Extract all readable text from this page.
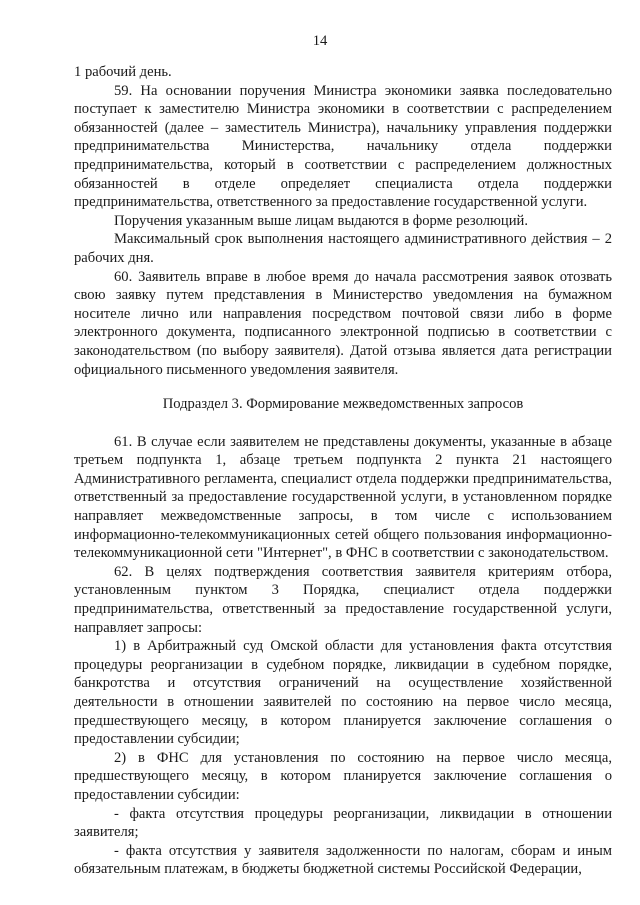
14

1 рабочий день.

59. На основании поручения Министра экономики заявка последовательно поступает к заместителю Министра экономики в соответствии с распределением обязанностей (далее – заместитель Министра), начальнику управления поддержки предпринимательства Министерства, начальнику отдела поддержки предпринимательства, который в соответствии с распределением должностных обязанностей в отделе определяет специалиста отдела поддержки предпринимательства, ответственного за предоставление государственной услуги.

Поручения указанным выше лицам выдаются в форме резолюций.

Максимальный срок выполнения настоящего административного действия – 2 рабочих дня.

60. Заявитель вправе в любое время до начала рассмотрения заявок отозвать свою заявку путем представления в Министерство уведомления на бумажном носителе лично или направления посредством почтовой связи либо в форме электронного документа, подписанного электронной подписью в соответствии с законодательством (по выбору заявителя). Датой отзыва является дата регистрации официального письменного уведомления заявителя.

Подраздел 3. Формирование межведомственных запросов

61. В случае если заявителем не представлены документы, указанные в абзаце третьем подпункта 1, абзаце третьем подпункта 2 пункта 21 настоящего Административного регламента, специалист отдела поддержки предпринимательства, ответственный за предоставление государственной услуги, в установленном порядке направляет межведомственные запросы, в том числе с использованием информационно-телекоммуникационных сетей общего пользования информационно-телекоммуникационной сети "Интернет", в ФНС в соответствии с законодательством.

62. В целях подтверждения соответствия заявителя критериям отбора, установленным пунктом 3 Порядка, специалист отдела поддержки предпринимательства, ответственный за предоставление государственной услуги, направляет запросы:

1) в Арбитражный суд Омской области для установления факта отсутствия процедуры реорганизации в судебном порядке, ликвидации в судебном порядке, банкротства и отсутствия ограничений на осуществление хозяйственной деятельности в отношении заявителей по состоянию на первое число месяца, предшествующего месяцу, в котором планируется заключение соглашения о предоставлении субсидии;

2) в ФНС для установления по состоянию на первое число месяца, предшествующего месяцу, в котором планируется заключение соглашения о предоставлении субсидии:

- факта отсутствия процедуры реорганизации, ликвидации в отношении заявителя;

- факта отсутствия у заявителя задолженности по налогам, сборам и иным обязательным платежам, в бюджеты бюджетной системы Российской Федерации,
